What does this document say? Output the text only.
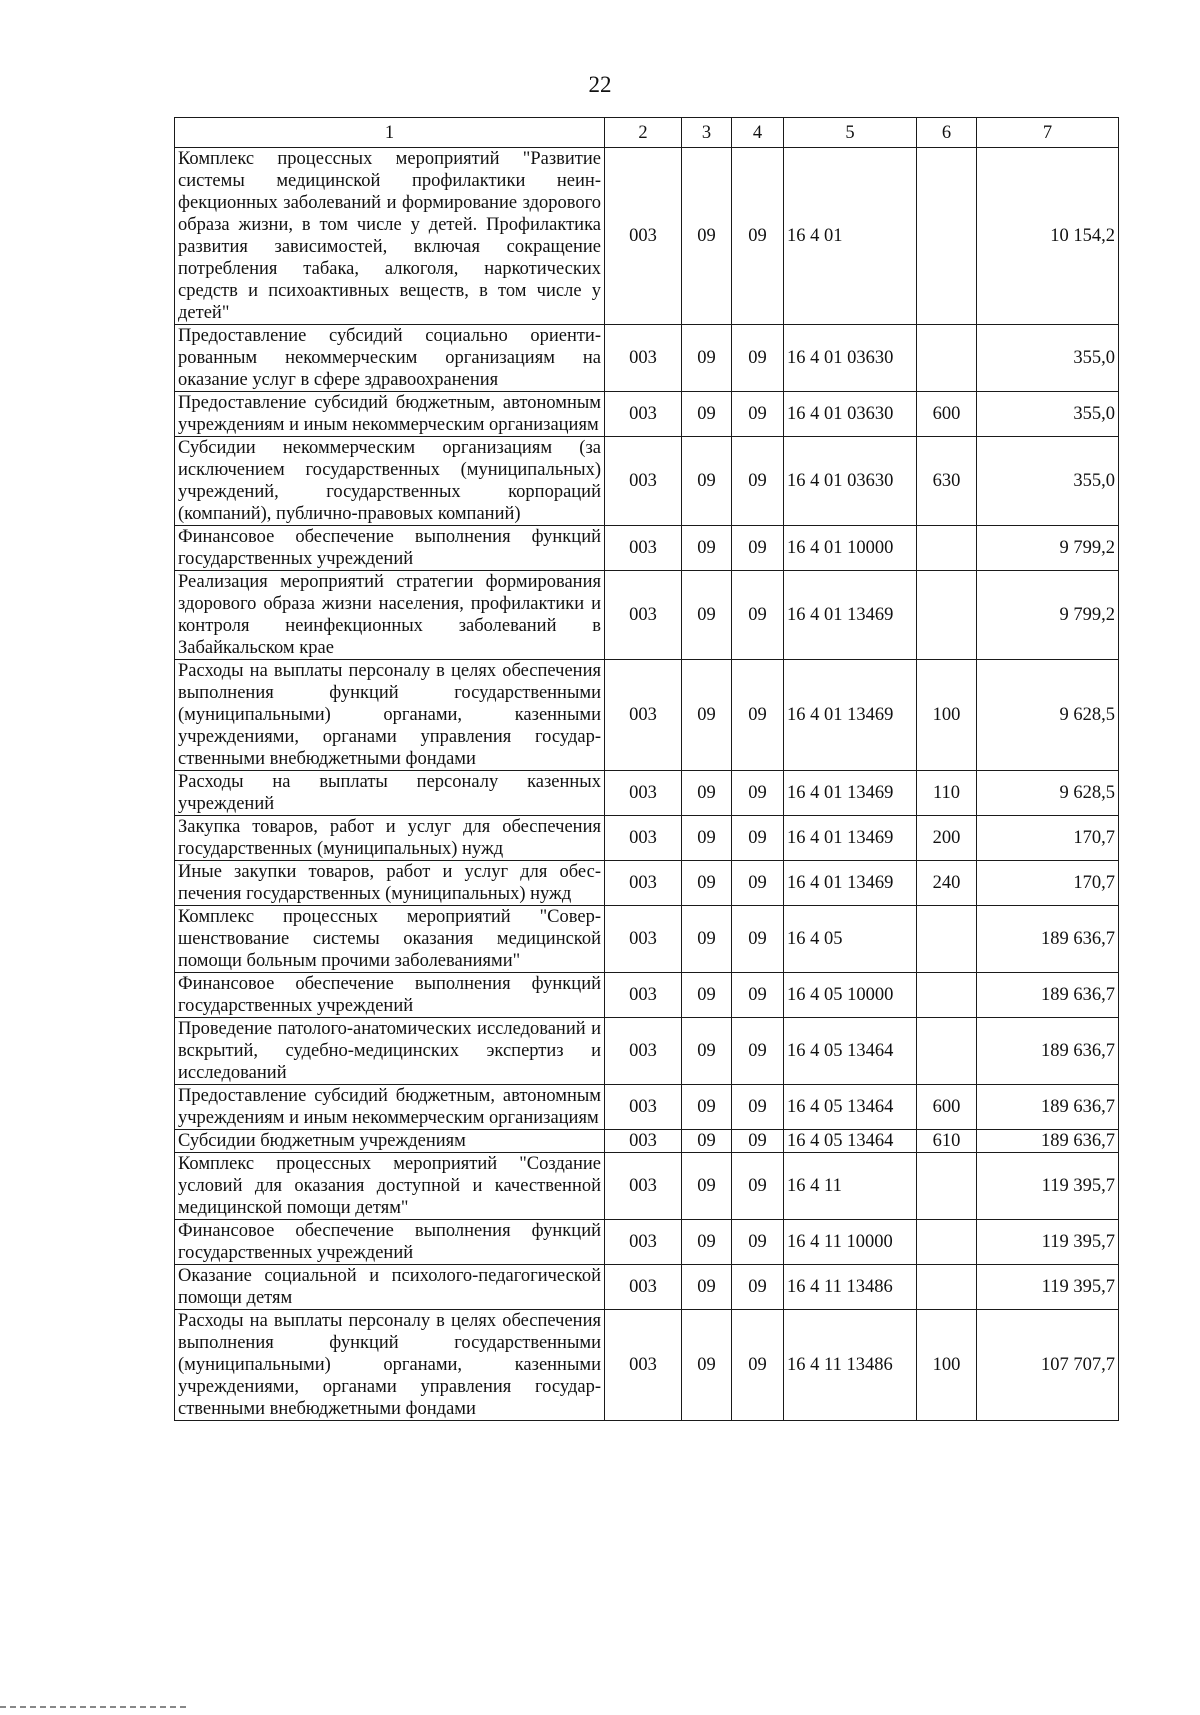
22
1	2	3	4	5	6	7
Комплекс процессных мероприятий "Развитие системы медицинской профилактики неинфекционных заболеваний и формирование здорового образа жизни, в том числе у детей. Профилактика развития зависимостей, включая сокращение потребления табака, алкоголя, наркотических средств и психоактивных веществ, в том числе у детей"	003	09	09	16 4 01		10 154,2
Предоставление субсидий социально ориентированным некоммерческим организациям на оказание услуг в сфере здравоохранения	003	09	09	16 4 01 03630		355,0
Предоставление субсидий бюджетным, автономным учреждениям и иным некоммерческим организациям	003	09	09	16 4 01 03630	600	355,0
Субсидии некоммерческим организациям (за исключением государственных (муниципальных) учреждений, государственных корпораций (компаний), публично-правовых компаний)	003	09	09	16 4 01 03630	630	355,0
Финансовое обеспечение выполнения функций государственных учреждений	003	09	09	16 4 01 10000		9 799,2
Реализация мероприятий стратегии формирования здорового образа жизни населения, профилактики и контроля неинфекционных заболеваний в Забайкальском крае	003	09	09	16 4 01 13469		9 799,2
Расходы на выплаты персоналу в целях обеспечения выполнения функций государственными (муниципальными) органами, казенными учреждениями, органами управления государственными внебюджетными фондами	003	09	09	16 4 01 13469	100	9 628,5
Расходы на выплаты персоналу казенных учреждений	003	09	09	16 4 01 13469	110	9 628,5
Закупка товаров, работ и услуг для обеспечения государственных (муниципальных) нужд	003	09	09	16 4 01 13469	200	170,7
Иные закупки товаров, работ и услуг для обеспечения государственных (муниципальных) нужд	003	09	09	16 4 01 13469	240	170,7
Комплекс процессных мероприятий "Совершенствование системы оказания медицинской помощи больным прочими заболеваниями"	003	09	09	16 4 05		189 636,7
Финансовое обеспечение выполнения функций государственных учреждений	003	09	09	16 4 05 10000		189 636,7
Проведение патолого-анатомических исследований и вскрытий, судебно-медицинских экспертиз и исследований	003	09	09	16 4 05 13464		189 636,7
Предоставление субсидий бюджетным, автономным учреждениям и иным некоммерческим организациям	003	09	09	16 4 05 13464	600	189 636,7
Субсидии бюджетным учреждениям	003	09	09	16 4 05 13464	610	189 636,7
Комплекс процессных мероприятий "Создание условий для оказания доступной и качественной медицинской помощи детям"	003	09	09	16 4 11		119 395,7
Финансовое обеспечение выполнения функций государственных учреждений	003	09	09	16 4 11 10000		119 395,7
Оказание социальной и психолого-педагогической помощи детям	003	09	09	16 4 11 13486		119 395,7
Расходы на выплаты персоналу в целях обеспечения выполнения функций государственными (муниципальными) органами, казенными учреждениями, органами управления государственными внебюджетными фондами	003	09	09	16 4 11 13486	100	107 707,7
